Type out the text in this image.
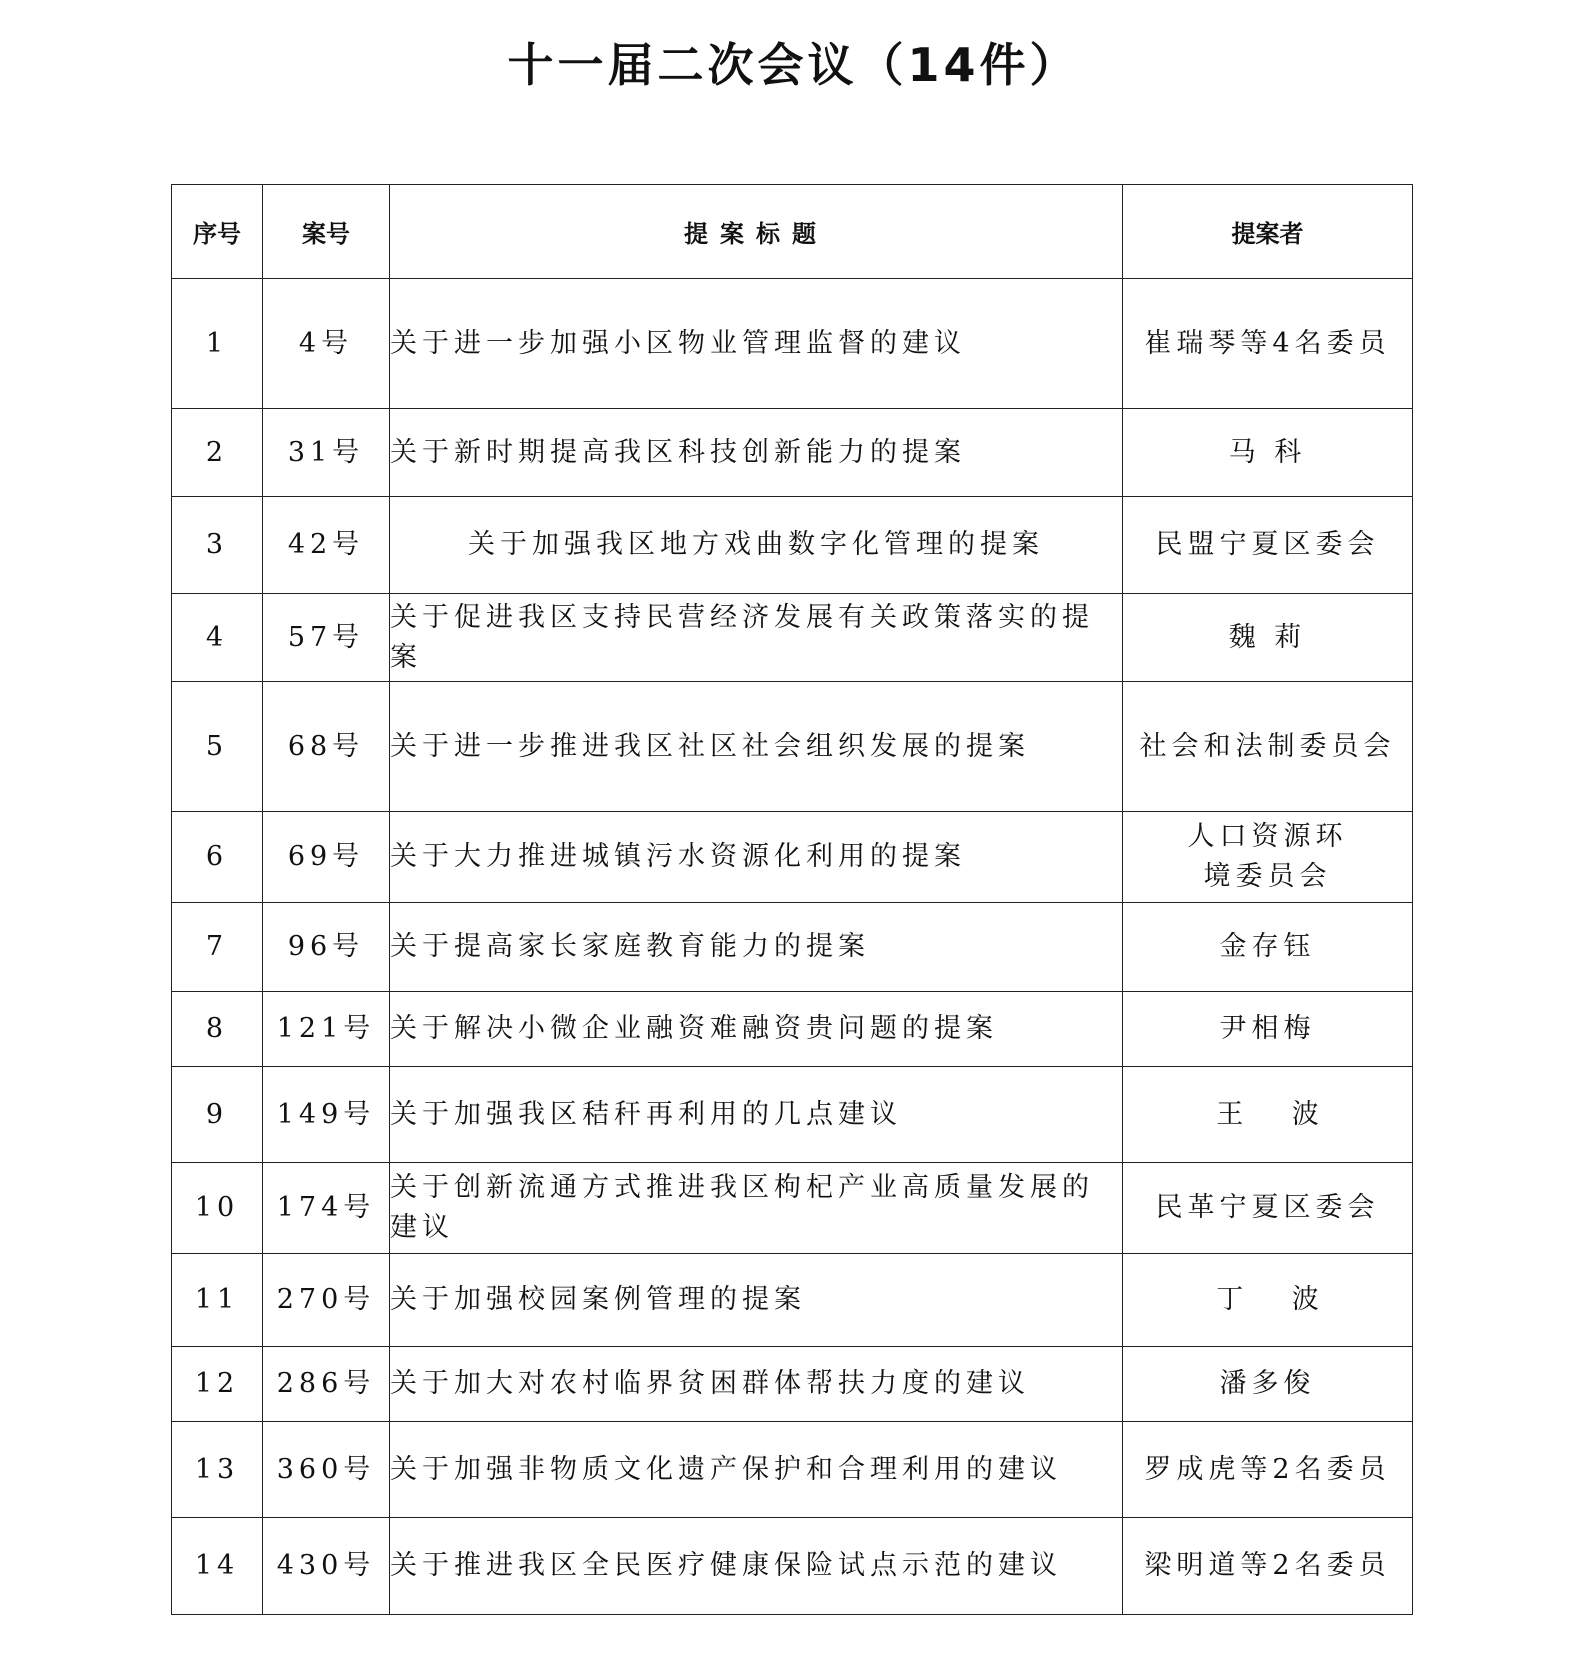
十一届二次会议（14件）
序号	案号	提案标题	提案者
1	4号	关于进一步加强小区物业管理监督的建议	崔瑞琴等4名委员
2	31号	关于新时期提高我区科技创新能力的提案	马 科
3	42号	关于加强我区地方戏曲数字化管理的提案	民盟宁夏区委会
4	57号	关于促进我区支持民营经济发展有关政策落实的提案	魏 莉
5	68号	关于进一步推进我区社区社会组织发展的提案	社会和法制委员会
6	69号	关于大力推进城镇污水资源化利用的提案	人口资源环境委员会
7	96号	关于提高家长家庭教育能力的提案	金存钰
8	121号	关于解决小微企业融资难融资贵问题的提案	尹相梅
9	149号	关于加强我区秸秆再利用的几点建议	王 波
10	174号	关于创新流通方式推进我区枸杞产业高质量发展的建议	民革宁夏区委会
11	270号	关于加强校园案例管理的提案	丁 波
12	286号	关于加大对农村临界贫困群体帮扶力度的建议	潘多俊
13	360号	关于加强非物质文化遗产保护和合理利用的建议	罗成虎等2名委员
14	430号	关于推进我区全民医疗健康保险试点示范的建议	梁明道等2名委员
